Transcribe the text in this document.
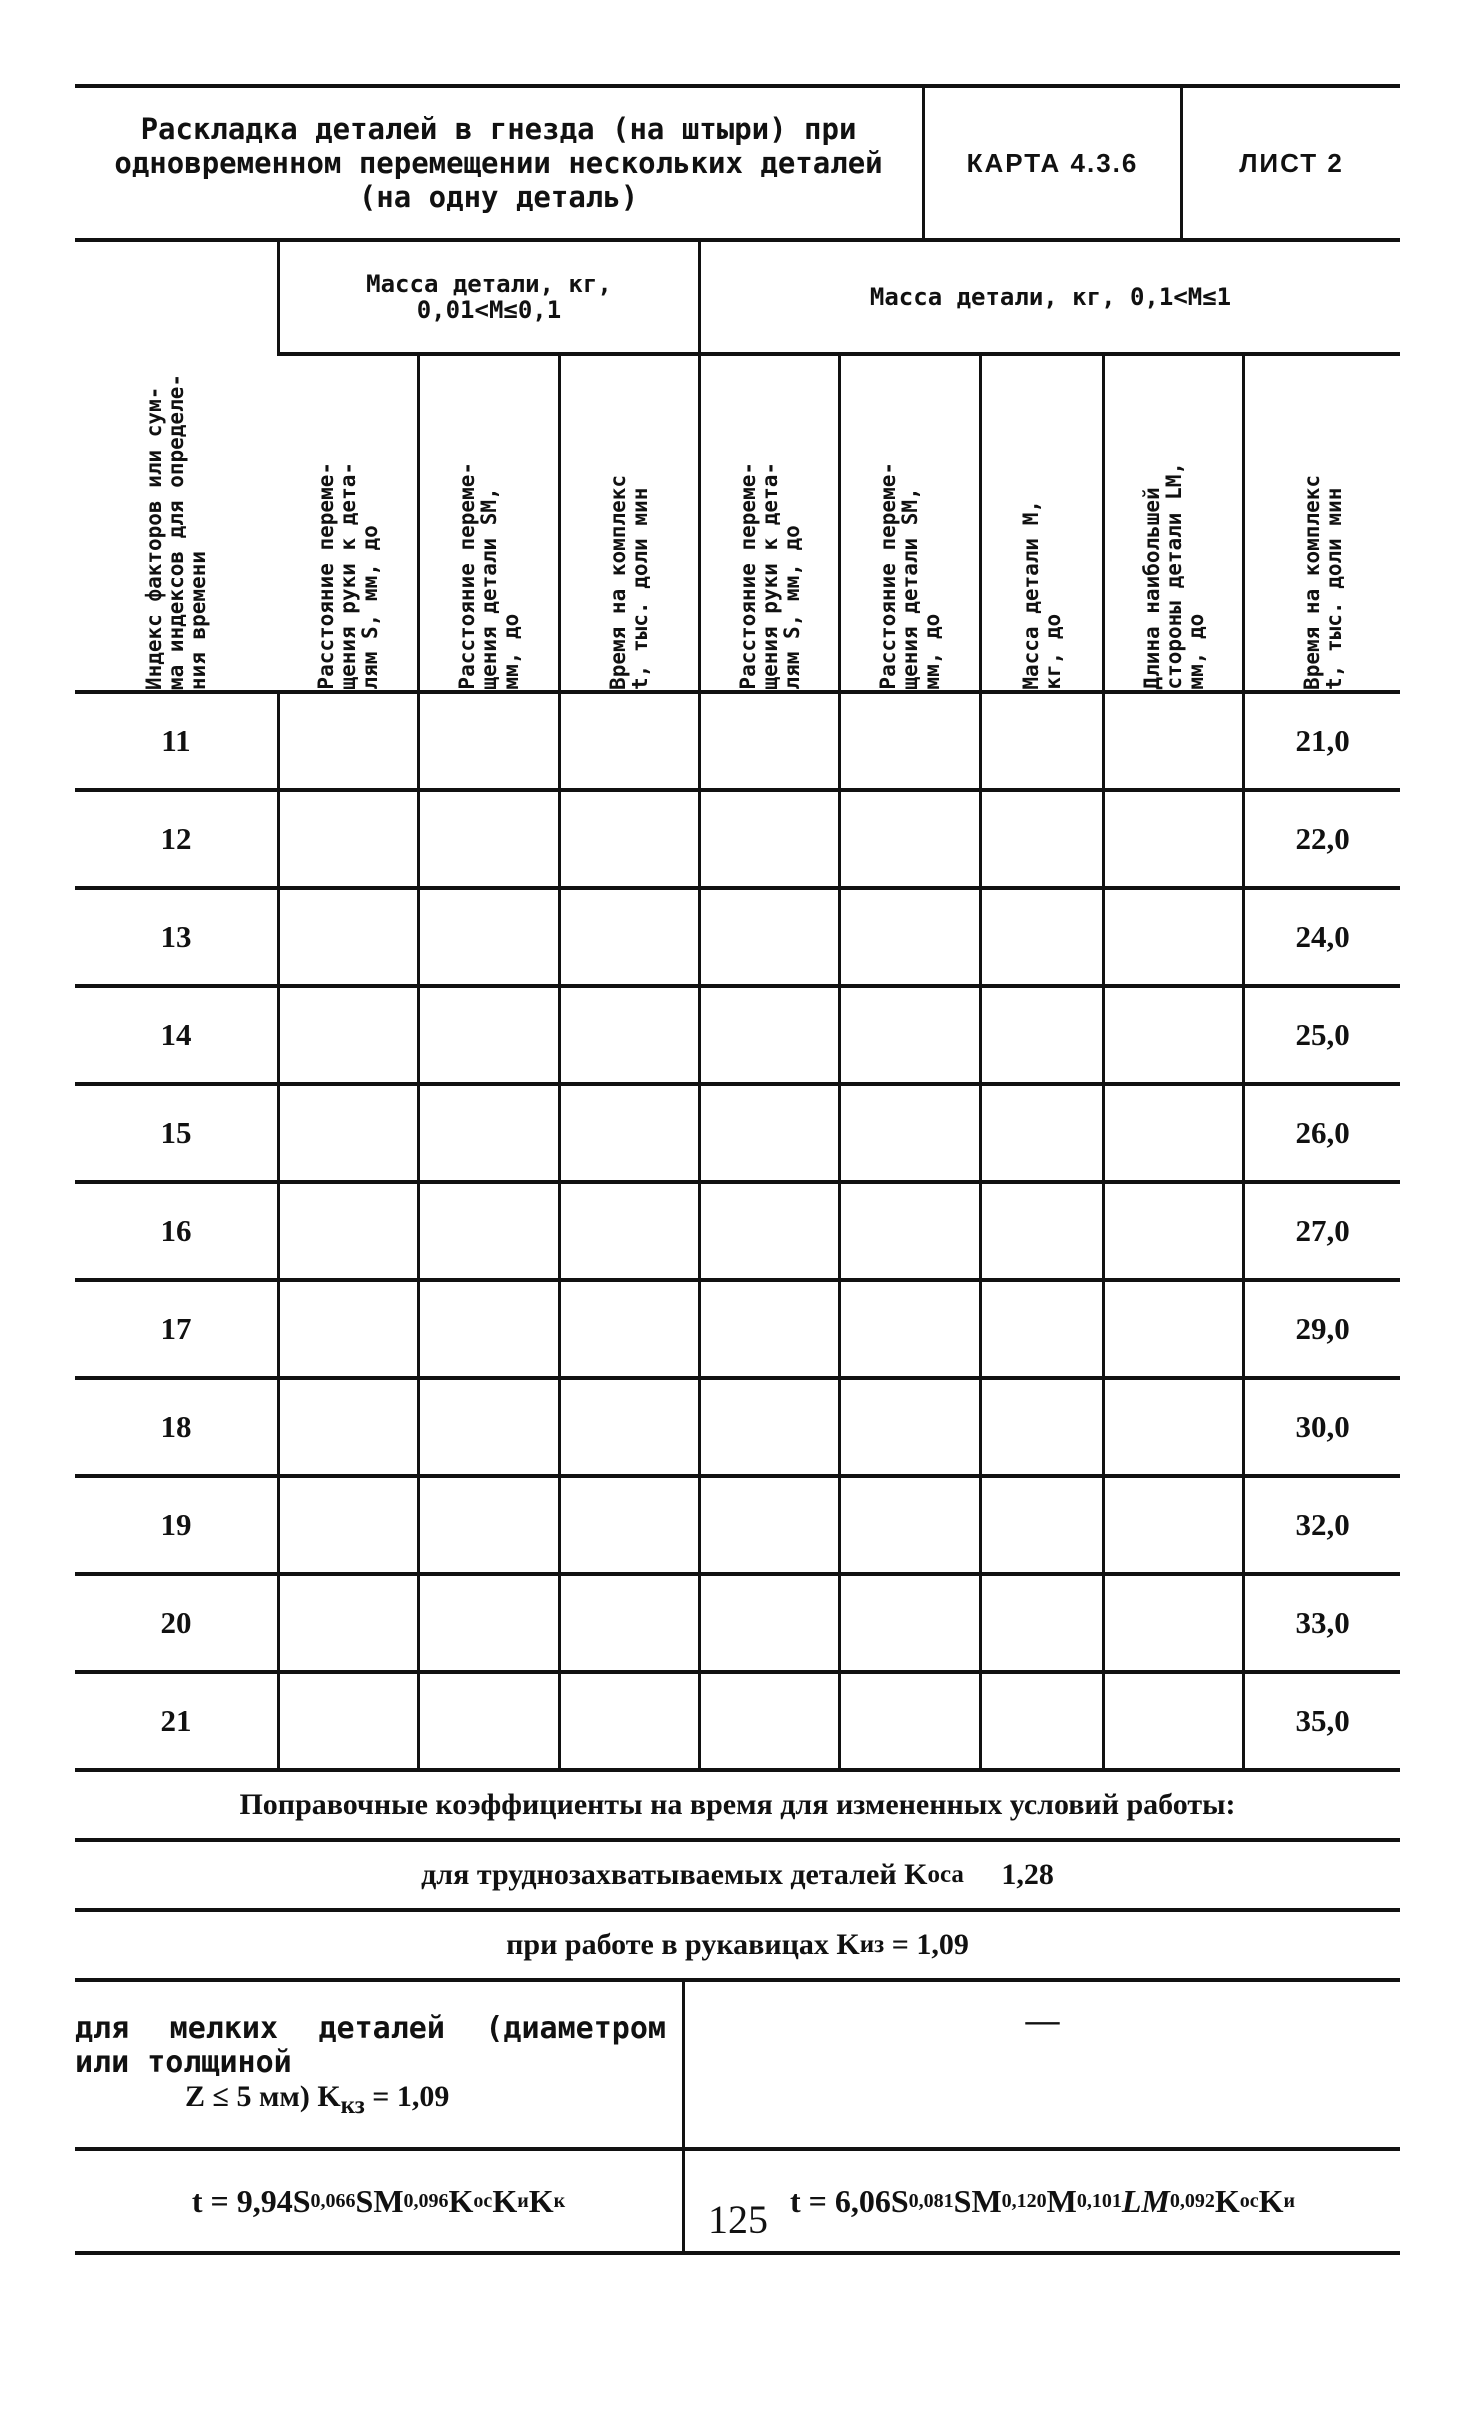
Раскладка деталей в гнезда (на штыри) при одновременном перемещении нескольких деталей (на одну деталь)
КАРТА 4.3.6	ЛИСТ 2
Индекс факторов или сум-
ма индексов для определе-
ния времени	Масса детали, кг,
0,01<M≤0,1			Масса детали, кг, 0,1<M≤1				

	Расстояние переме-
щения руки к дета-
лям S, мм, до	Расстояние переме-
щения детали SM,
мм, до	Время на комплекс
t, тыс. доли мин	Расстояние переме-
щения руки к дета-
лям S, мм, до	Расстояние переме-
щения детали SM,
мм, до	Масса детали M,
кг, до	Длина наибольшей
стороны детали LM,
мм, до	Время на комплекс
t, тыс. доли мин

11								21,0
12								22,0
13								24,0
14								25,0
15								26,0
16								27,0
17								29,0
18								30,0
19								32,0
20								33,0
21								35,0
Поправочные коэффициенты на время для измененных условий работы:
для труднозахватываемых деталей K оса
1,28
при работе в рукавицах K из
= 1,09
для мелких деталей (диаметром
или толщиной
Z ≤ 5 мм) $K_{кз} = 1,09$
—
t = 9,94S 0,066 SM 0,096 K ос K и K к	t = 6,06S 0,081 SM 0,120 M 0,101 LM 0,092 K ос K и
125
